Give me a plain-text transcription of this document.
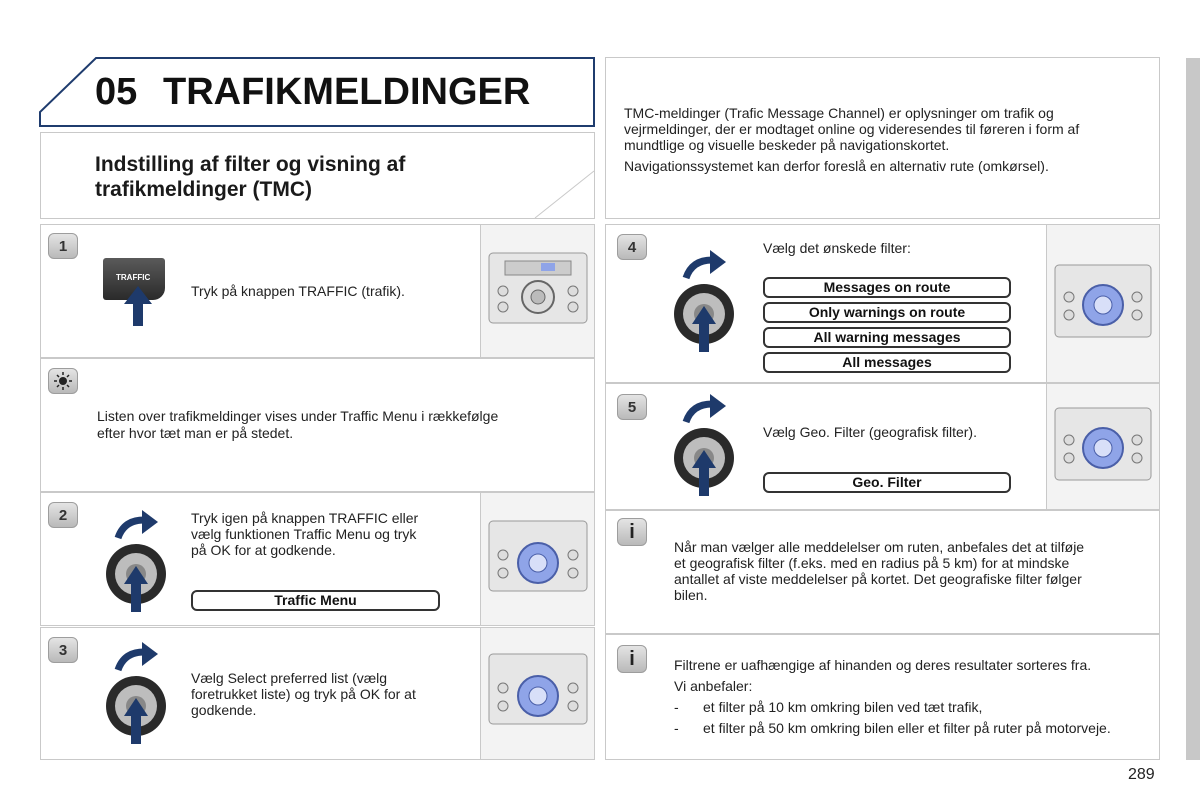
05 TRAFIKMELDINGER
Indstilling af filter og visning af
trafikmeldinger (TMC)
TMC-meldinger (Trafic Message Channel) er oplysninger om trafik og
vejrmeldinger, der er modtaget online og videresendes til føreren i form af
mundtlige og visuelle beskeder på navigationskortet.
Navigationssystemet kan derfor foreslå en alternativ rute (omkørsel).
1
TRAFFIC
Tryk på knappen TRAFFIC (trafik).
Listen over trafikmeldinger vises under Traffic Menu i rækkefølge
efter hvor tæt man er på stedet.
2	Tryk igen på knappen TRAFFIC eller
vælg funktionen Traffic Menu og tryk
på OK for at godkende.
Traffic Menu
3
Vælg Select preferred list (vælg
foretrukket liste) og tryk på OK for at
godkende.
4	Vælg det ønskede filter:
Messages on route
Only warnings on route
All warning messages
All messages
5
Vælg Geo. Filter (geografisk filter).
Geo. Filter
i
Når man vælger alle meddelelser om ruten, anbefales det at tilføje
et geografisk filter (f.eks. med en radius på 5 km) for at mindske
antallet af viste meddelelser på kortet. Det geografiske filter følger
bilen.
i	Filtrene er uafhængige af hinanden og deres resultater sorteres fra.
Vi anbefaler:
- et filter på 10 km omkring bilen ved tæt trafik,
- et filter på 50 km omkring bilen eller et filter på ruter på motorveje.
289
